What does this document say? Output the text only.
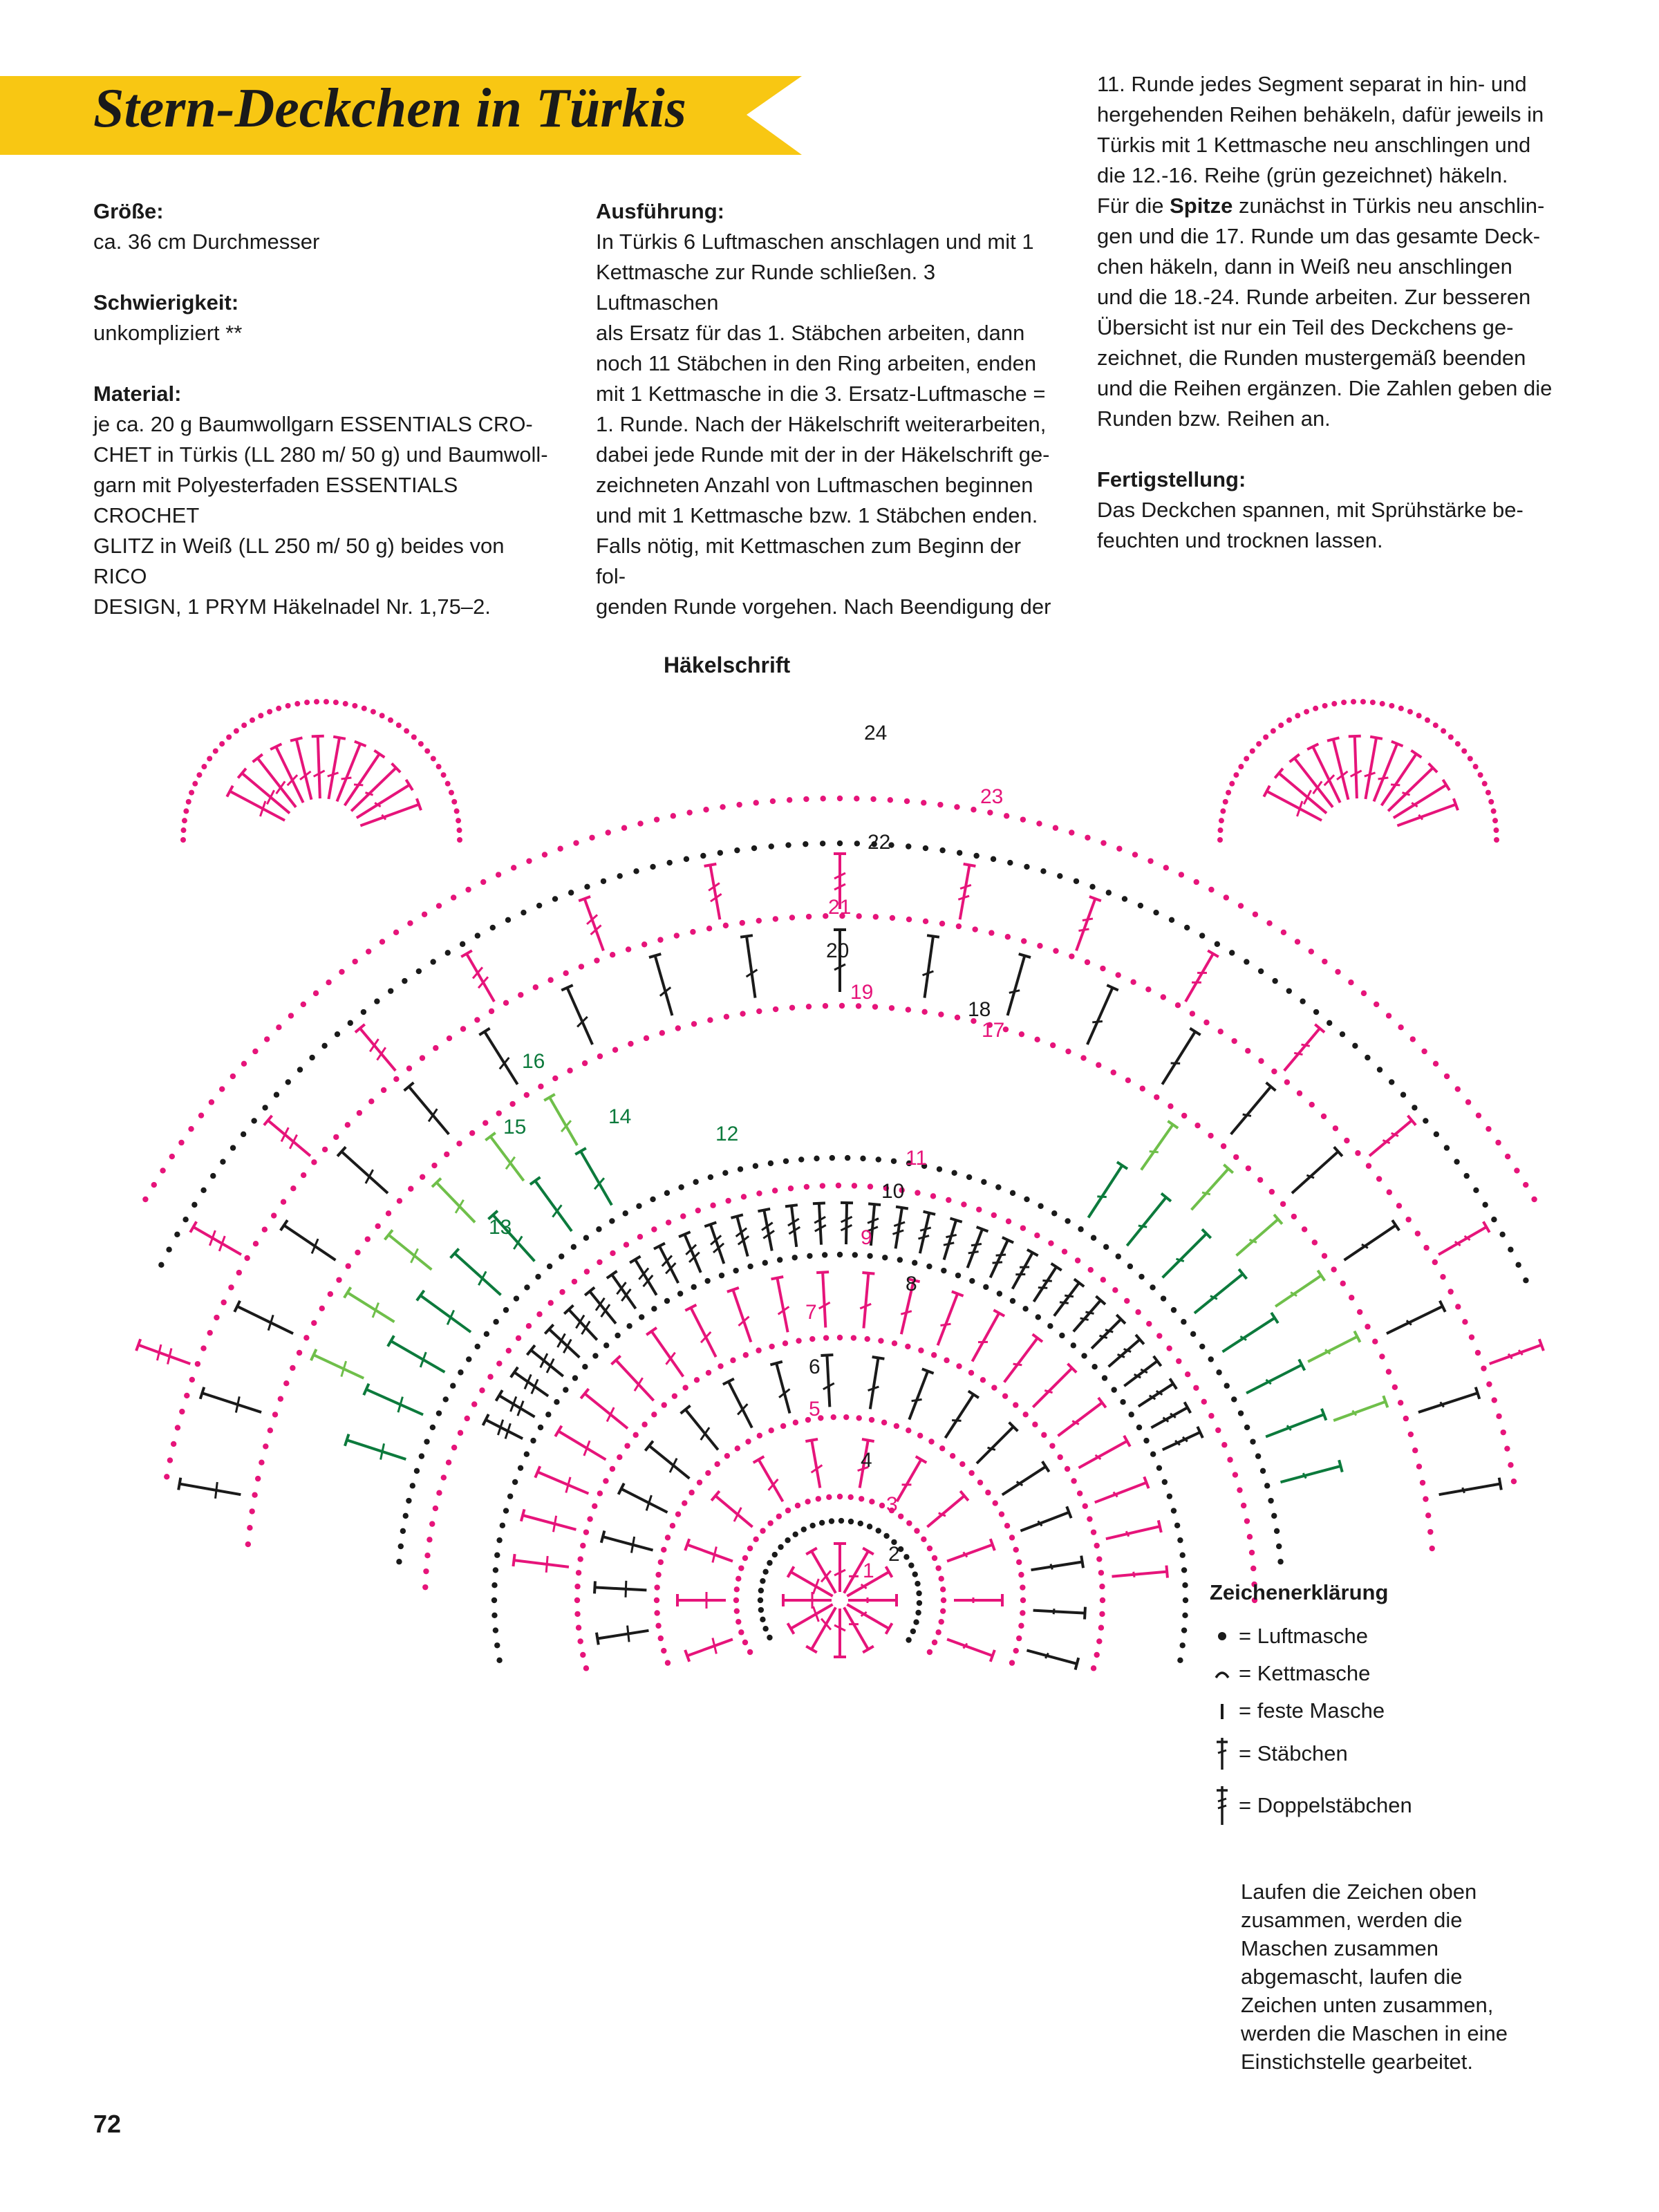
Stern-Deckchen in Türkis

Größe:

ca. 36 cm Durchmesser

Schwierigkeit:

unkompliziert **

Material:

je ca. 20 g Baumwollgarn ESSENTIALS CRO-

CHET in Türkis (LL 280 m/ 50 g) und Baumwoll-

garn mit Polyesterfaden ESSENTIALS CROCHET

GLITZ in Weiß (LL 250 m/ 50 g) beides von RICO

DESIGN, 1 PRYM Häkelnadel Nr. 1,75–2.

Ausführung:

In Türkis 6 Luftmaschen anschlagen und mit 1

Kettmasche zur Runde schließen. 3 Luftmaschen

als Ersatz für das 1. Stäbchen arbeiten, dann

noch 11 Stäbchen in den Ring arbeiten, enden

mit 1 Kettmasche in die 3. Ersatz-Luftmasche =

1. Runde. Nach der Häkelschrift weiterarbeiten,

dabei jede Runde mit der in der Häkelschrift ge-

zeichneten Anzahl von Luftmaschen beginnen

und mit 1 Kettmasche bzw. 1 Stäbchen enden.

Falls nötig, mit Kettmaschen zum Beginn der fol-

genden Runde vorgehen. Nach Beendigung der

11. Runde jedes Segment separat in hin- und

hergehenden Reihen behäkeln, dafür jeweils in

Türkis mit 1 Kettmasche neu anschlingen und

die 12.-16. Reihe (grün gezeichnet) häkeln.

Für die Spitze zunächst in Türkis neu anschlin-

gen und die 17. Runde um das gesamte Deck-

chen häkeln, dann in Weiß neu anschlingen

und die 18.-24. Runde arbeiten. Zur besseren

Übersicht ist nur ein Teil des Deckchens ge-

zeichnet, die Runden mustergemäß beenden

und die Reihen ergänzen. Die Zahlen geben die

Runden bzw. Reihen an.

Fertigstellung:

Das Deckchen spannen, mit Sprühstärke be-

feuchten und trocknen lassen.

Häkelschrift
1
2
3
4
5
6
7
8
9
10
11
12
13
14
15
16
17
18
19
20
21
22
23
24
Zeichenerklärung
= Luftmasche
= Kettmasche
= feste Masche
= Stäbchen
= Doppelstäbchen
Laufen die Zeichen oben
zusammen, werden die
Maschen zusammen
abgemascht, laufen die
Zeichen unten zusammen,
werden die Maschen in eine
Einstichstelle gearbeitet.
72
